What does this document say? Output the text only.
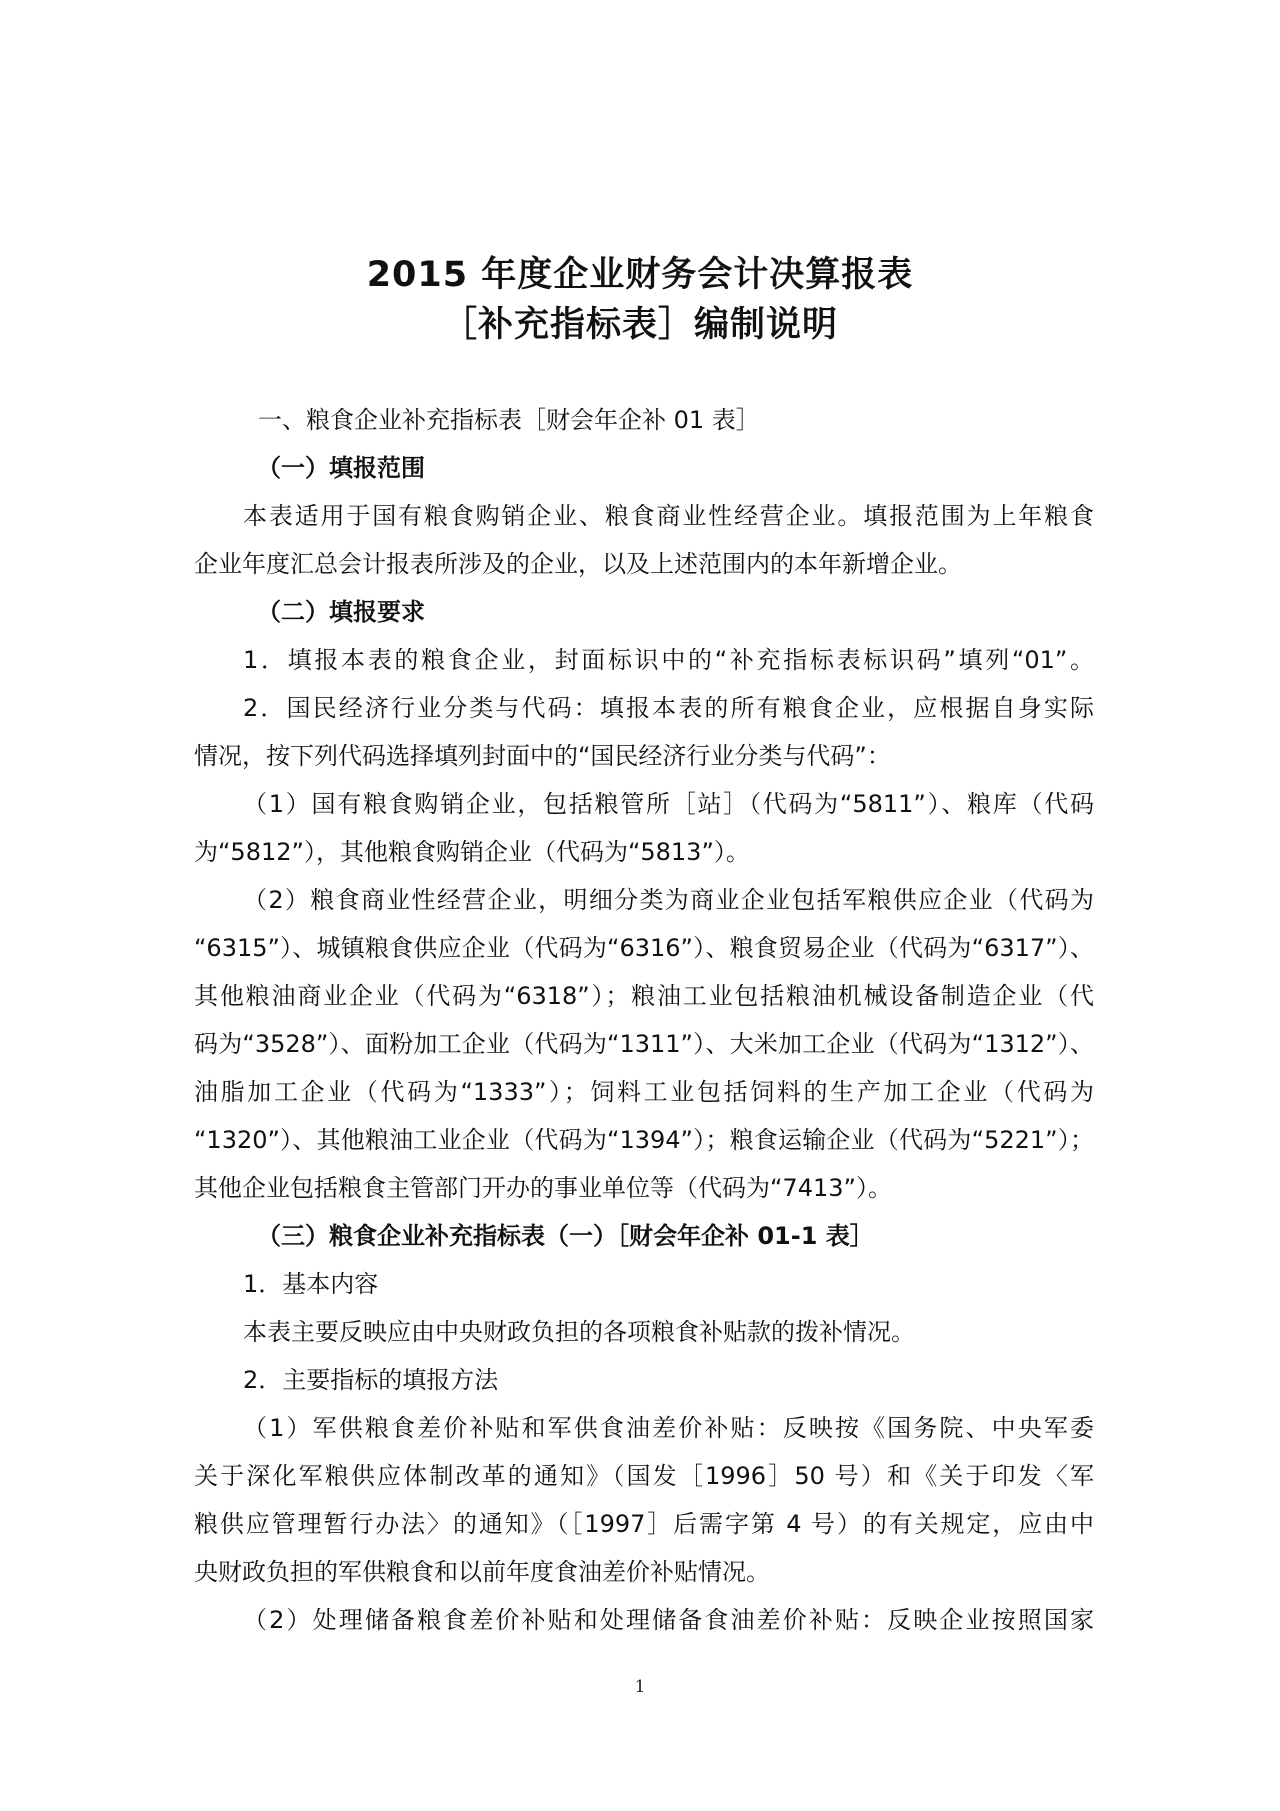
2015 年度企业财务会计决算报表
［补充指标表］编制说明
一、粮食企业补充指标表［财会年企补 01 表］
（一）填报范围
本表适用于国有粮食购销企业、粮食商业性经营企业。填报范围为上年粮食
企业年度汇总会计报表所涉及的企业，以及上述范围内的本年新增企业。
（二）填报要求
1．填报本表的粮食企业，封面标识中的“补充指标表标识码”填列“01”。
2．国民经济行业分类与代码：填报本表的所有粮食企业，应根据自身实际
情况，按下列代码选择填列封面中的“国民经济行业分类与代码”：
（1）国有粮食购销企业，包括粮管所［站］（代码为“5811”）、粮库（代码
为“5812”），其他粮食购销企业（代码为“5813”）。
（2）粮食商业性经营企业，明细分类为商业企业包括军粮供应企业（代码为
“6315”）、城镇粮食供应企业（代码为“6316”）、粮食贸易企业（代码为“6317”）、
其他粮油商业企业（代码为“6318”）；粮油工业包括粮油机械设备制造企业（代
码为“3528”）、面粉加工企业（代码为“1311”）、大米加工企业（代码为“1312”）、
油脂加工企业（代码为“1333”）；饲料工业包括饲料的生产加工企业（代码为
“1320”）、其他粮油工业企业（代码为“1394”）；粮食运输企业（代码为“5221”）；
其他企业包括粮食主管部门开办的事业单位等（代码为“7413”）。
（三）粮食企业补充指标表（一）［财会年企补 01-1 表］
1．基本内容
本表主要反映应由中央财政负担的各项粮食补贴款的拨补情况。
2．主要指标的填报方法
（1）军供粮食差价补贴和军供食油差价补贴：反映按《国务院、中央军委
关于深化军粮供应体制改革的通知》（国发［1996］50 号）和《关于印发〈军
粮供应管理暂行办法〉的通知》（［1997］后需字第 4 号）的有关规定，应由中
央财政负担的军供粮食和以前年度食油差价补贴情况。
（2）处理储备粮食差价补贴和处理储备食油差价补贴：反映企业按照国家
1
